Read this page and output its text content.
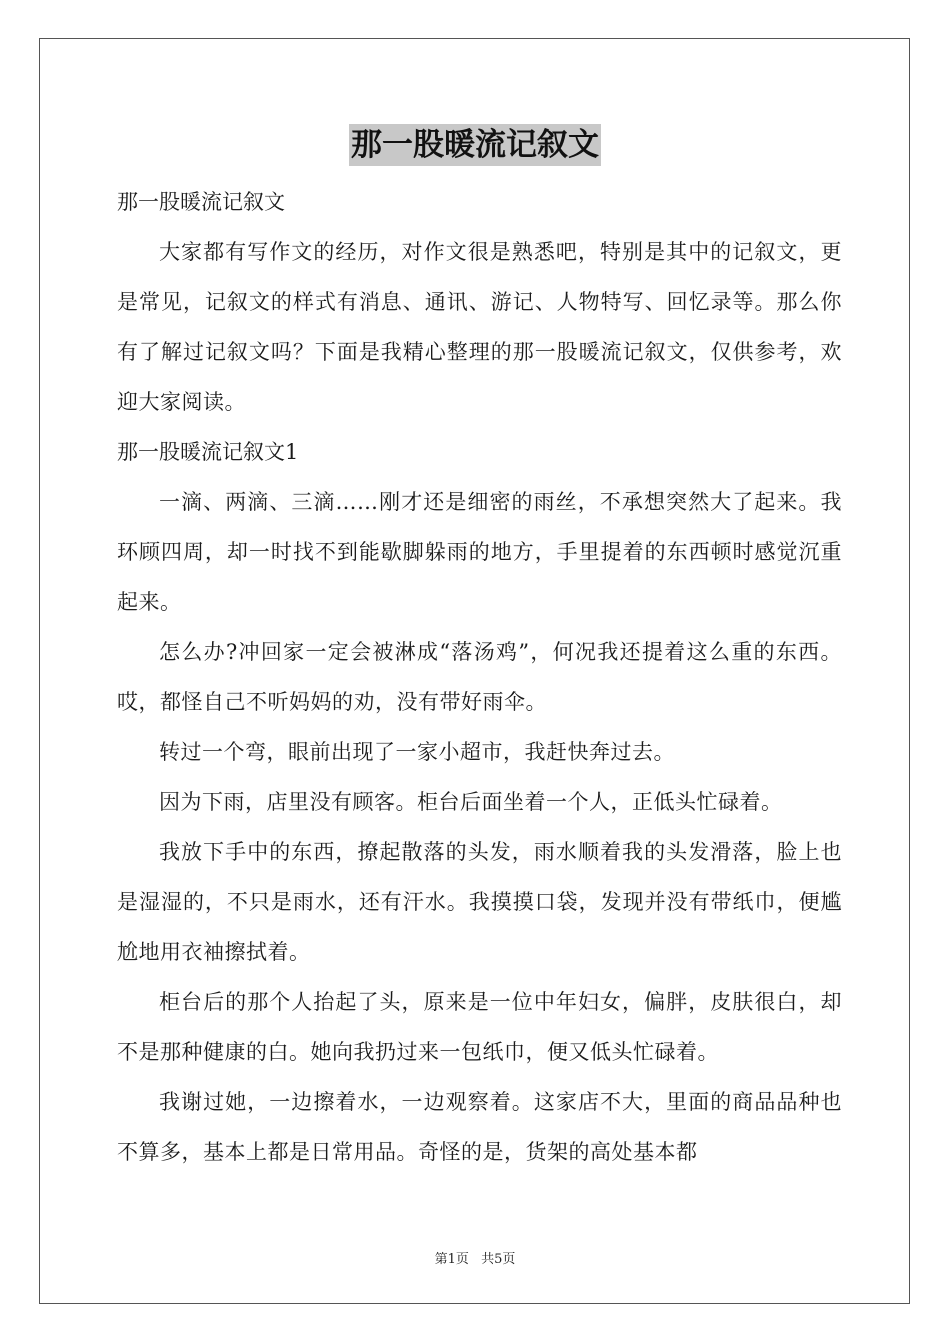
那一股暖流记叙文

那一股暖流记叙文

大家都有写作文的经历，对作文很是熟悉吧，特别是其中的记叙文，更是常见，记叙文的样式有消息、通讯、游记、人物特写、回忆录等。那么你有了解过记叙文吗？下面是我精心整理的那一股暖流记叙文，仅供参考，欢迎大家阅读。

那一股暖流记叙文1

一滴、两滴、三滴……刚才还是细密的雨丝，不承想突然大了起来。我环顾四周，却一时找不到能歇脚躲雨的地方，手里提着的东西顿时感觉沉重起来。

怎么办?冲回家一定会被淋成“落汤鸡”，何况我还提着这么重的东西。哎，都怪自己不听妈妈的劝，没有带好雨伞。

转过一个弯，眼前出现了一家小超市，我赶快奔过去。

因为下雨，店里没有顾客。柜台后面坐着一个人，正低头忙碌着。

我放下手中的东西，撩起散落的头发，雨水顺着我的头发滑落，脸上也是湿湿的，不只是雨水，还有汗水。我摸摸口袋，发现并没有带纸巾，便尴尬地用衣袖擦拭着。

柜台后的那个人抬起了头，原来是一位中年妇女，偏胖，皮肤很白，却不是那种健康的白。她向我扔过来一包纸巾，便又低头忙碌着。

我谢过她，一边擦着水，一边观察着。这家店不大，里面的商品品种也不算多，基本上都是日常用品。奇怪的是，货架的高处基本都

第1页 共5页
